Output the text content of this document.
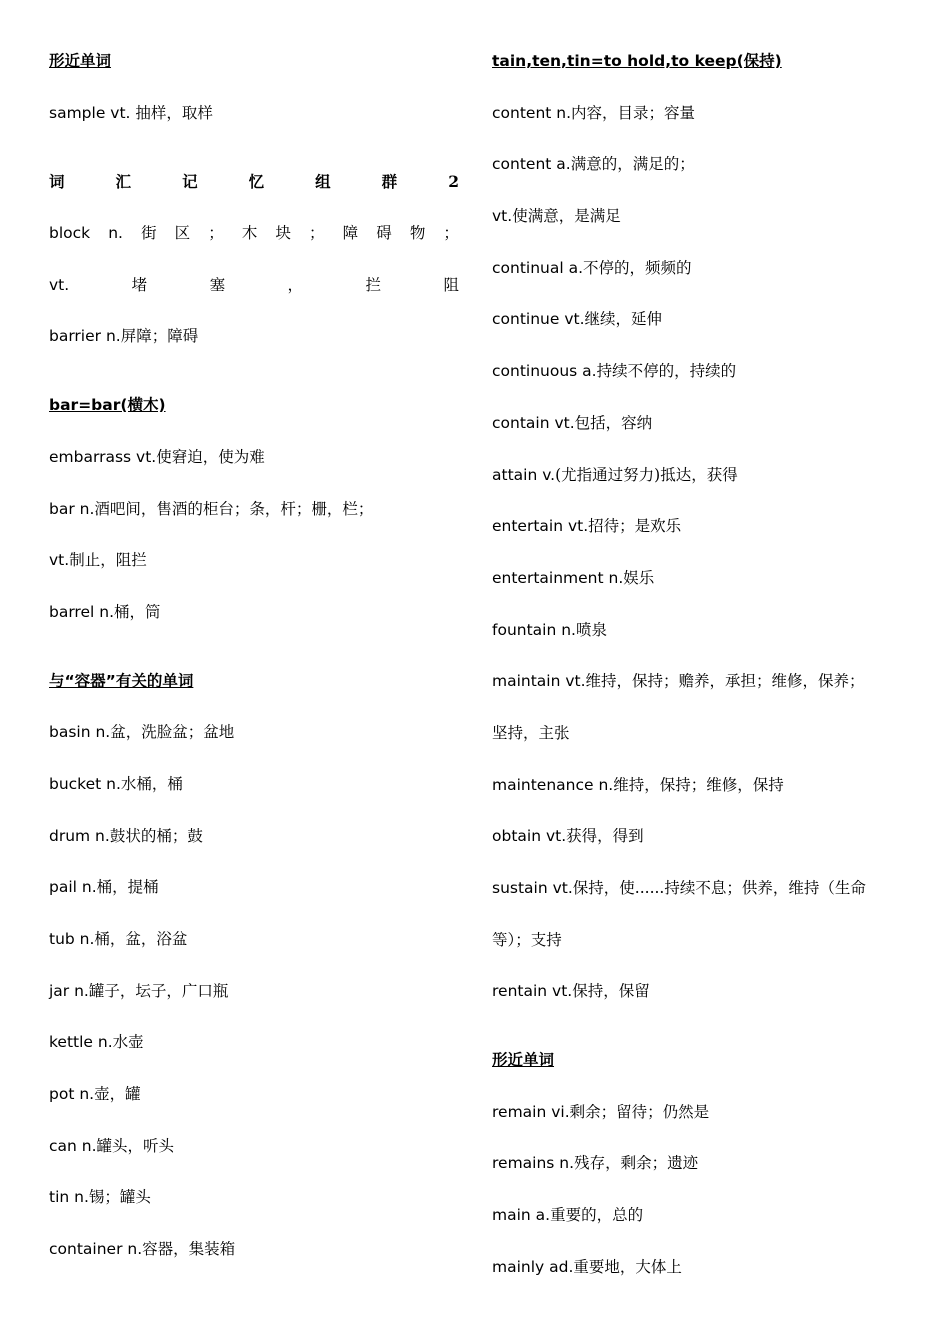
形近单词
sample vt. 抽样，取样
词	汇	记	忆	组	群	2
block n. 街 区 ； 木 块 ； 障 碍 物 ；
vt.	堵	塞	，	拦	阻
barrier n.屏障；障碍
bar=bar(横木)
embarrass vt.使窘迫，使为难
bar n.酒吧间，售酒的柜台；条，杆；栅，栏；
vt.制止，阻拦
barrel n.桶，筒
与“容器”有关的单词
basin n.盆，洗脸盆；盆地
bucket n.水桶，桶
drum n.鼓状的桶；鼓
pail n.桶，提桶
tub n.桶，盆，浴盆
jar n.罐子，坛子，广口瓶
kettle n.水壶
pot n.壶，罐
can n.罐头，听头
tin n.锡；罐头
container n.容器，集装箱
tain,ten,tin=to hold,to keep(保持)
content n.内容，目录；容量
content a.满意的，满足的；
vt.使满意，是满足
continual a.不停的，频频的
continue vt.继续，延伸
continuous a.持续不停的，持续的
contain vt.包括，容纳
attain v.(尤指通过努力)抵达，获得
entertain vt.招待；是欢乐
entertainment n.娱乐
fountain n.喷泉
maintain vt.维持，保持；赡养，承担；维修，保养；
坚持，主张
maintenance n.维持，保持；维修，保持
obtain vt.获得，得到
sustain vt.保持，使......持续不息；供养，维持（生命
等）；支持
rentain vt.保持，保留
形近单词
remain vi.剩余；留待；仍然是
remains n.残存，剩余；遗迹
main a.重要的，总的
mainly ad.重要地，大体上
